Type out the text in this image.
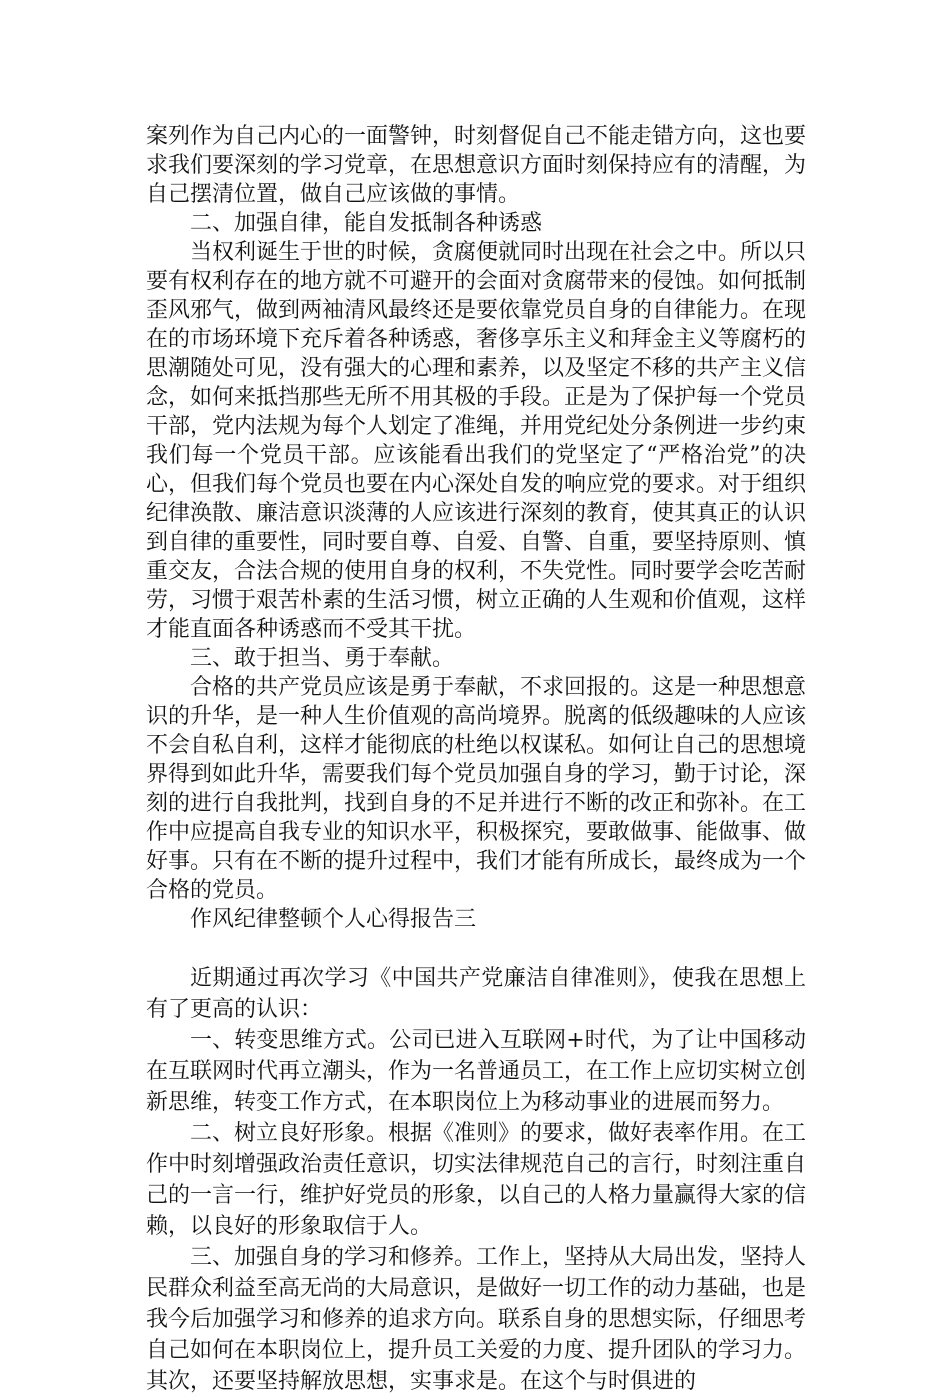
案列作为自己内心的一面警钟，时刻督促自己不能走错方向，这也要求我们要深刻的学习党章，在思想意识方面时刻保持应有的清醒，为自己摆清位置，做自己应该做的事情。

二、加强自律，能自发抵制各种诱惑

当权利诞生于世的时候，贪腐便就同时出现在社会之中。所以只要有权利存在的地方就不可避开的会面对贪腐带来的侵蚀。如何抵制歪风邪气，做到两袖清风最终还是要依靠党员自身的自律能力。在现在的市场环境下充斥着各种诱惑，奢侈享乐主义和拜金主义等腐朽的思潮随处可见，没有强大的心理和素养，以及坚定不移的共产主义信念，如何来抵挡那些无所不用其极的手段。正是为了保护每一个党员干部，党内法规为每个人划定了准绳，并用党纪处分条例进一步约束我们每一个党员干部。应该能看出我们的党坚定了“严格治党”的决心，但我们每个党员也要在内心深处自发的响应党的要求。对于组织纪律涣散、廉洁意识淡薄的人应该进行深刻的教育，使其真正的认识到自律的重要性，同时要自尊、自爱、自警、自重，要坚持原则、慎重交友，合法合规的使用自身的权利，不失党性。同时要学会吃苦耐劳，习惯于艰苦朴素的生活习惯，树立正确的人生观和价值观，这样才能直面各种诱惑而不受其干扰。

三、敢于担当、勇于奉献。

合格的共产党员应该是勇于奉献，不求回报的。这是一种思想意识的升华，是一种人生价值观的高尚境界。脱离的低级趣味的人应该不会自私自利，这样才能彻底的杜绝以权谋私。如何让自己的思想境界得到如此升华，需要我们每个党员加强自身的学习，勤于讨论，深刻的进行自我批判，找到自身的不足并进行不断的改正和弥补。在工作中应提高自我专业的知识水平，积极探究，要敢做事、能做事、做好事。只有在不断的提升过程中，我们才能有所成长，最终成为一个合格的党员。

作风纪律整顿个人心得报告三

近期通过再次学习《中国共产党廉洁自律准则》，使我在思想上有了更高的认识：

一、转变思维方式。公司已进入互联网+时代，为了让中国移动在互联网时代再立潮头，作为一名普通员工，在工作上应切实树立创新思维，转变工作方式，在本职岗位上为移动事业的进展而努力。

二、树立良好形象。根据《准则》的要求，做好表率作用。在工作中时刻增强政治责任意识，切实法律规范自己的言行，时刻注重自己的一言一行，维护好党员的形象，以自己的人格力量赢得大家的信赖，以良好的形象取信于人。

三、加强自身的学习和修养。工作上，坚持从大局出发，坚持人民群众利益至高无尚的大局意识，是做好一切工作的动力基础，也是我今后加强学习和修养的追求方向。联系自身的思想实际，仔细思考自己如何在本职岗位上，提升员工关爱的力度、提升团队的学习力。其次，还要坚持解放思想，实事求是。在这个与时俱进的
